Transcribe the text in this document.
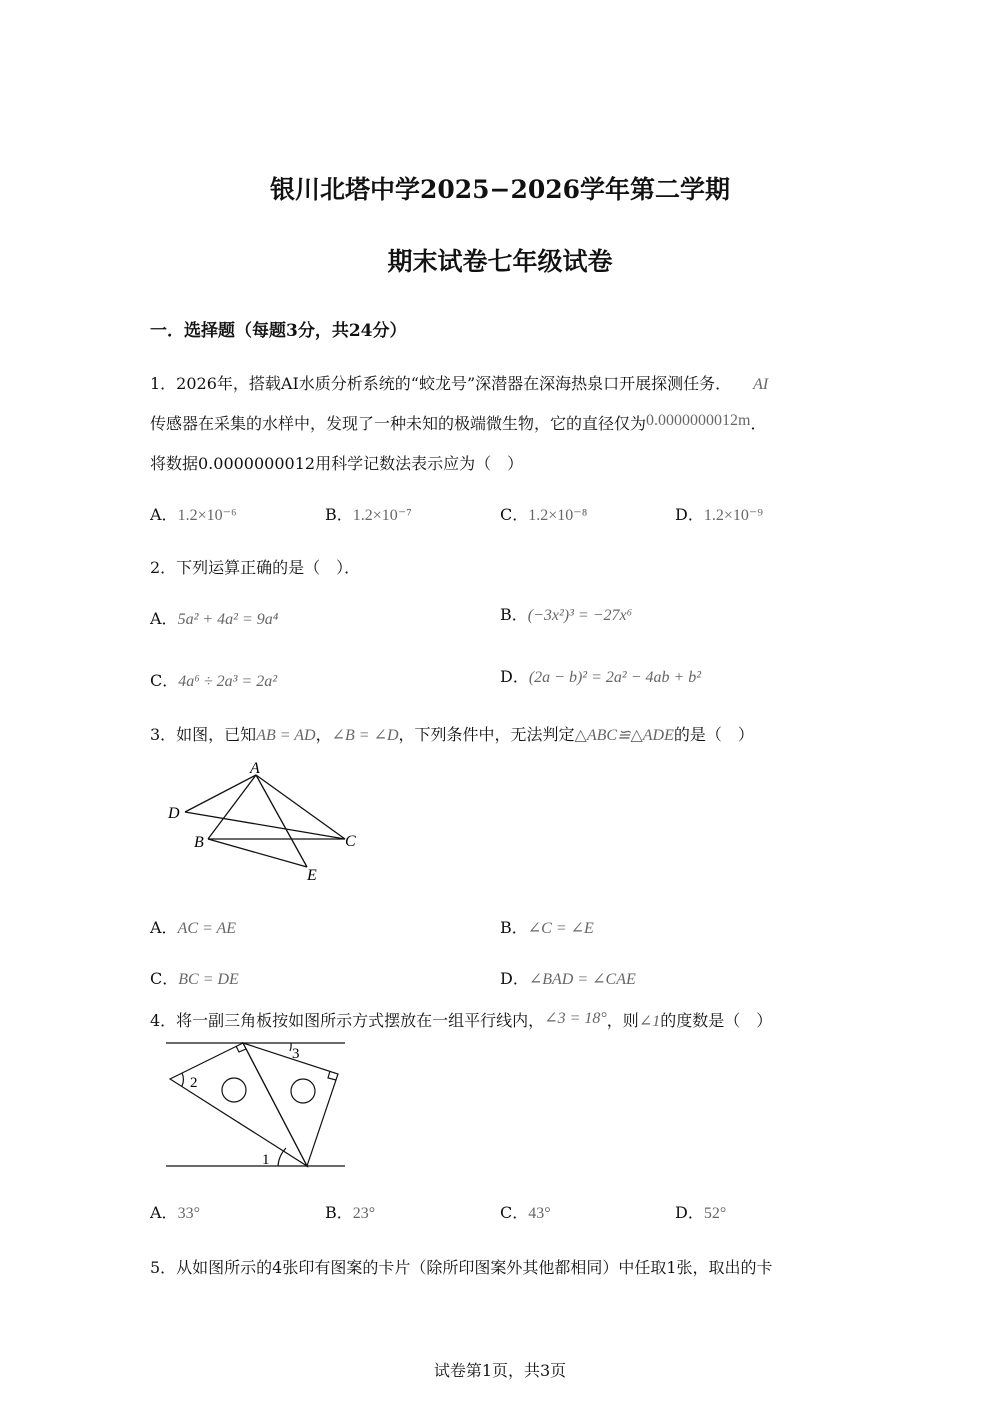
银川北塔中学2025−2026学年第二学期
期末试卷七年级试卷
一．选择题（每题3分，共24分）
1．2026年，搭载AI水质分析系统的“蛟龙号”深潜器在深海热泉口开展探测任务． AI
传感器在采集的水样中，发现了一种未知的极端微生物，它的直径仅为0.0000000012m．
将数据0.0000000012用科学记数法表示应为（　）
A．1.2×10⁻⁶	B．1.2×10⁻⁷	C．1.2×10⁻⁸	D．1.2×10⁻⁹
2．下列运算正确的是（　）．
A．5a² + 4a² = 9a⁴	B．(−3x²)³ = −27x⁶
C．4a⁶ ÷ 2a³ = 2a²	D．(2a − b)² = 2a² − 4ab + b²
3．如图，已知AB = AD，∠B = ∠D，下列条件中，无法判定△ABC≌△ADE的是（　）
A
D
B	C
E
A．AC = AE	B．∠C = ∠E
C．BC = DE	D．∠BAD = ∠CAE
4．将一副三角板按如图所示方式摆放在一组平行线内，∠3 = 18°，则∠1的度数是（　）
2
3
1
A．33°	B．23°	C．43°	D．52°
5．从如图所示的4张印有图案的卡片（除所印图案外其他都相同）中任取1张，取出的卡
试卷第1页，共3页
